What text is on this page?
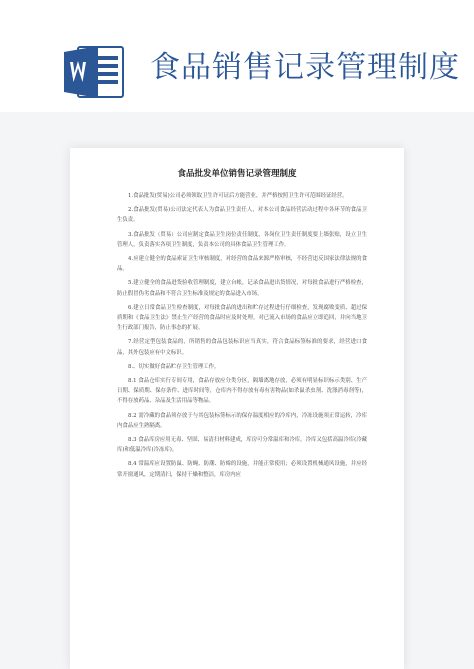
食品销售记录管理制度
食品批发单位销售记录管理制度

1.食品批发(贸易)公司必须领取卫生许可证后方能营业，并严格按照卫生许可范围经证经营。

2.食品批发(贸易)公司法定代表人为食品卫生责任人，对本公司食品经营活动过程中各环节的食品卫生负责。

3.食品批发（贸易）公司应制定食品卫生岗位责任制度，各岗位卫生责任制度要上墙张贴，设立卫生管理人，负责落实各项卫生制度，负责本公司的具体食品卫生管理工作。

4.应建立健全的食品索证卫生审核制度，对经营的食品来源严格审核，不经营违反国家法律法规的食品。

5.建立健全的食品进货验收管理制度，建立台帐，记录食品进出货情况，对每批食品进行严格检查，防止假冒伪劣食品和不符合卫生标准及规定的食品进入市场。

6.建立日常食品卫生检查制度，对每批食品的进出和贮存过程进行仔细检查，发现腐败变质、超过保质期和《食品卫生法》禁止生产经营的食品时应及时处理。对已流入市场的食品应立即追回，并向当地卫生行政部门报告，防止事态的扩展。

7.经营定型包装食品的，所销售的食品包装标识应当真实，符合食品标签标准的要求，经营进口食品，其外包装应有中文标识。

8.、切实做好食品贮存卫生管理工作。

8.1 食品仓库实行专间专用，食品存放应分类分区，隔墙离地存放，必须有明显标识标示类别、生产日期、保质期、保存条件、进库时间等，仓库内不得存放有毒有害物品(如杀鼠杀虫剂、洗涤消毒剂等)，不得存放药品、杂品及生活用品等物品。

8.2 需冷藏的食品须存放于与其包装标签标示的保存温度相应的冷库内，冷冻设施须正常运转，冷库内食品应生熟隔离。

8.3 食品库房应用无毒、坚固、易清扫材料建成，库房可分常温库和冷库，冷库又包括高温冷库(冷藏库)和低温冷库(冷冻库)。

8.4 常温库应设置防鼠、防蝇、防潮、防霉的设施，并能正常使用；必须设置机械通风设施，并应经常开窗通风，定期清扫，保持干燥和整洁，库房内应
